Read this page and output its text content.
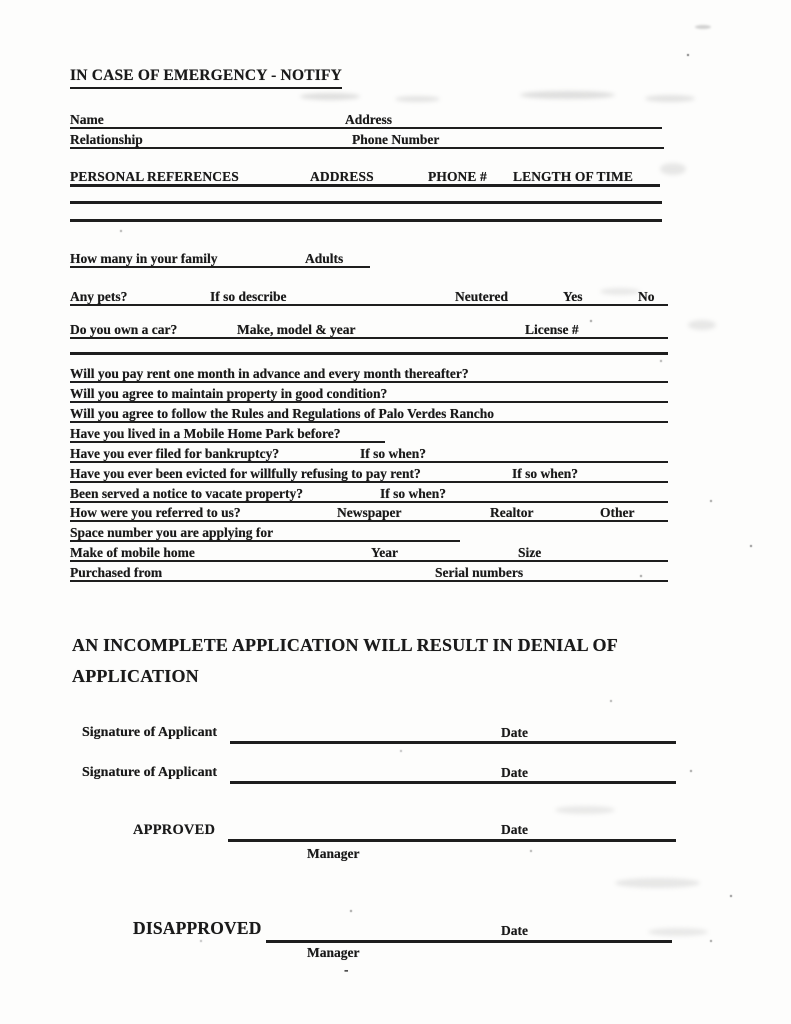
IN CASE OF EMERGENCY - NOTIFY
Name	Address
Relationship	Phone Number
PERSONAL REFERENCES	ADDRESS	PHONE # LENGTH OF TIME
How many in your family	Adults
Any pets?	If so describe	Neutered	Yes	No
Do you own a car?	Make, model & year	License #
Will you pay rent one month in advance and every month thereafter?
Will you agree to maintain property in good condition?
Will you agree to follow the Rules and Regulations of Palo Verdes Rancho
Have you lived in a Mobile Home Park before?
Have you ever filed for bankruptcy?	If so when?
Have you ever been evicted for willfully refusing to pay rent?	If so when?
Been served a notice to vacate property?	If so when?
How were you referred to us?	Newspaper	Realtor	Other
Space number you are applying for
Make of mobile home	Year	Size
Purchased from	Serial numbers
AN INCOMPLETE APPLICATION WILL RESULT IN DENIAL OF APPLICATION
Signature of Applicant	Date
Signature of Applicant	Date
APPROVED	Date
Manager
DISAPPROVED	Date
Manager
-
